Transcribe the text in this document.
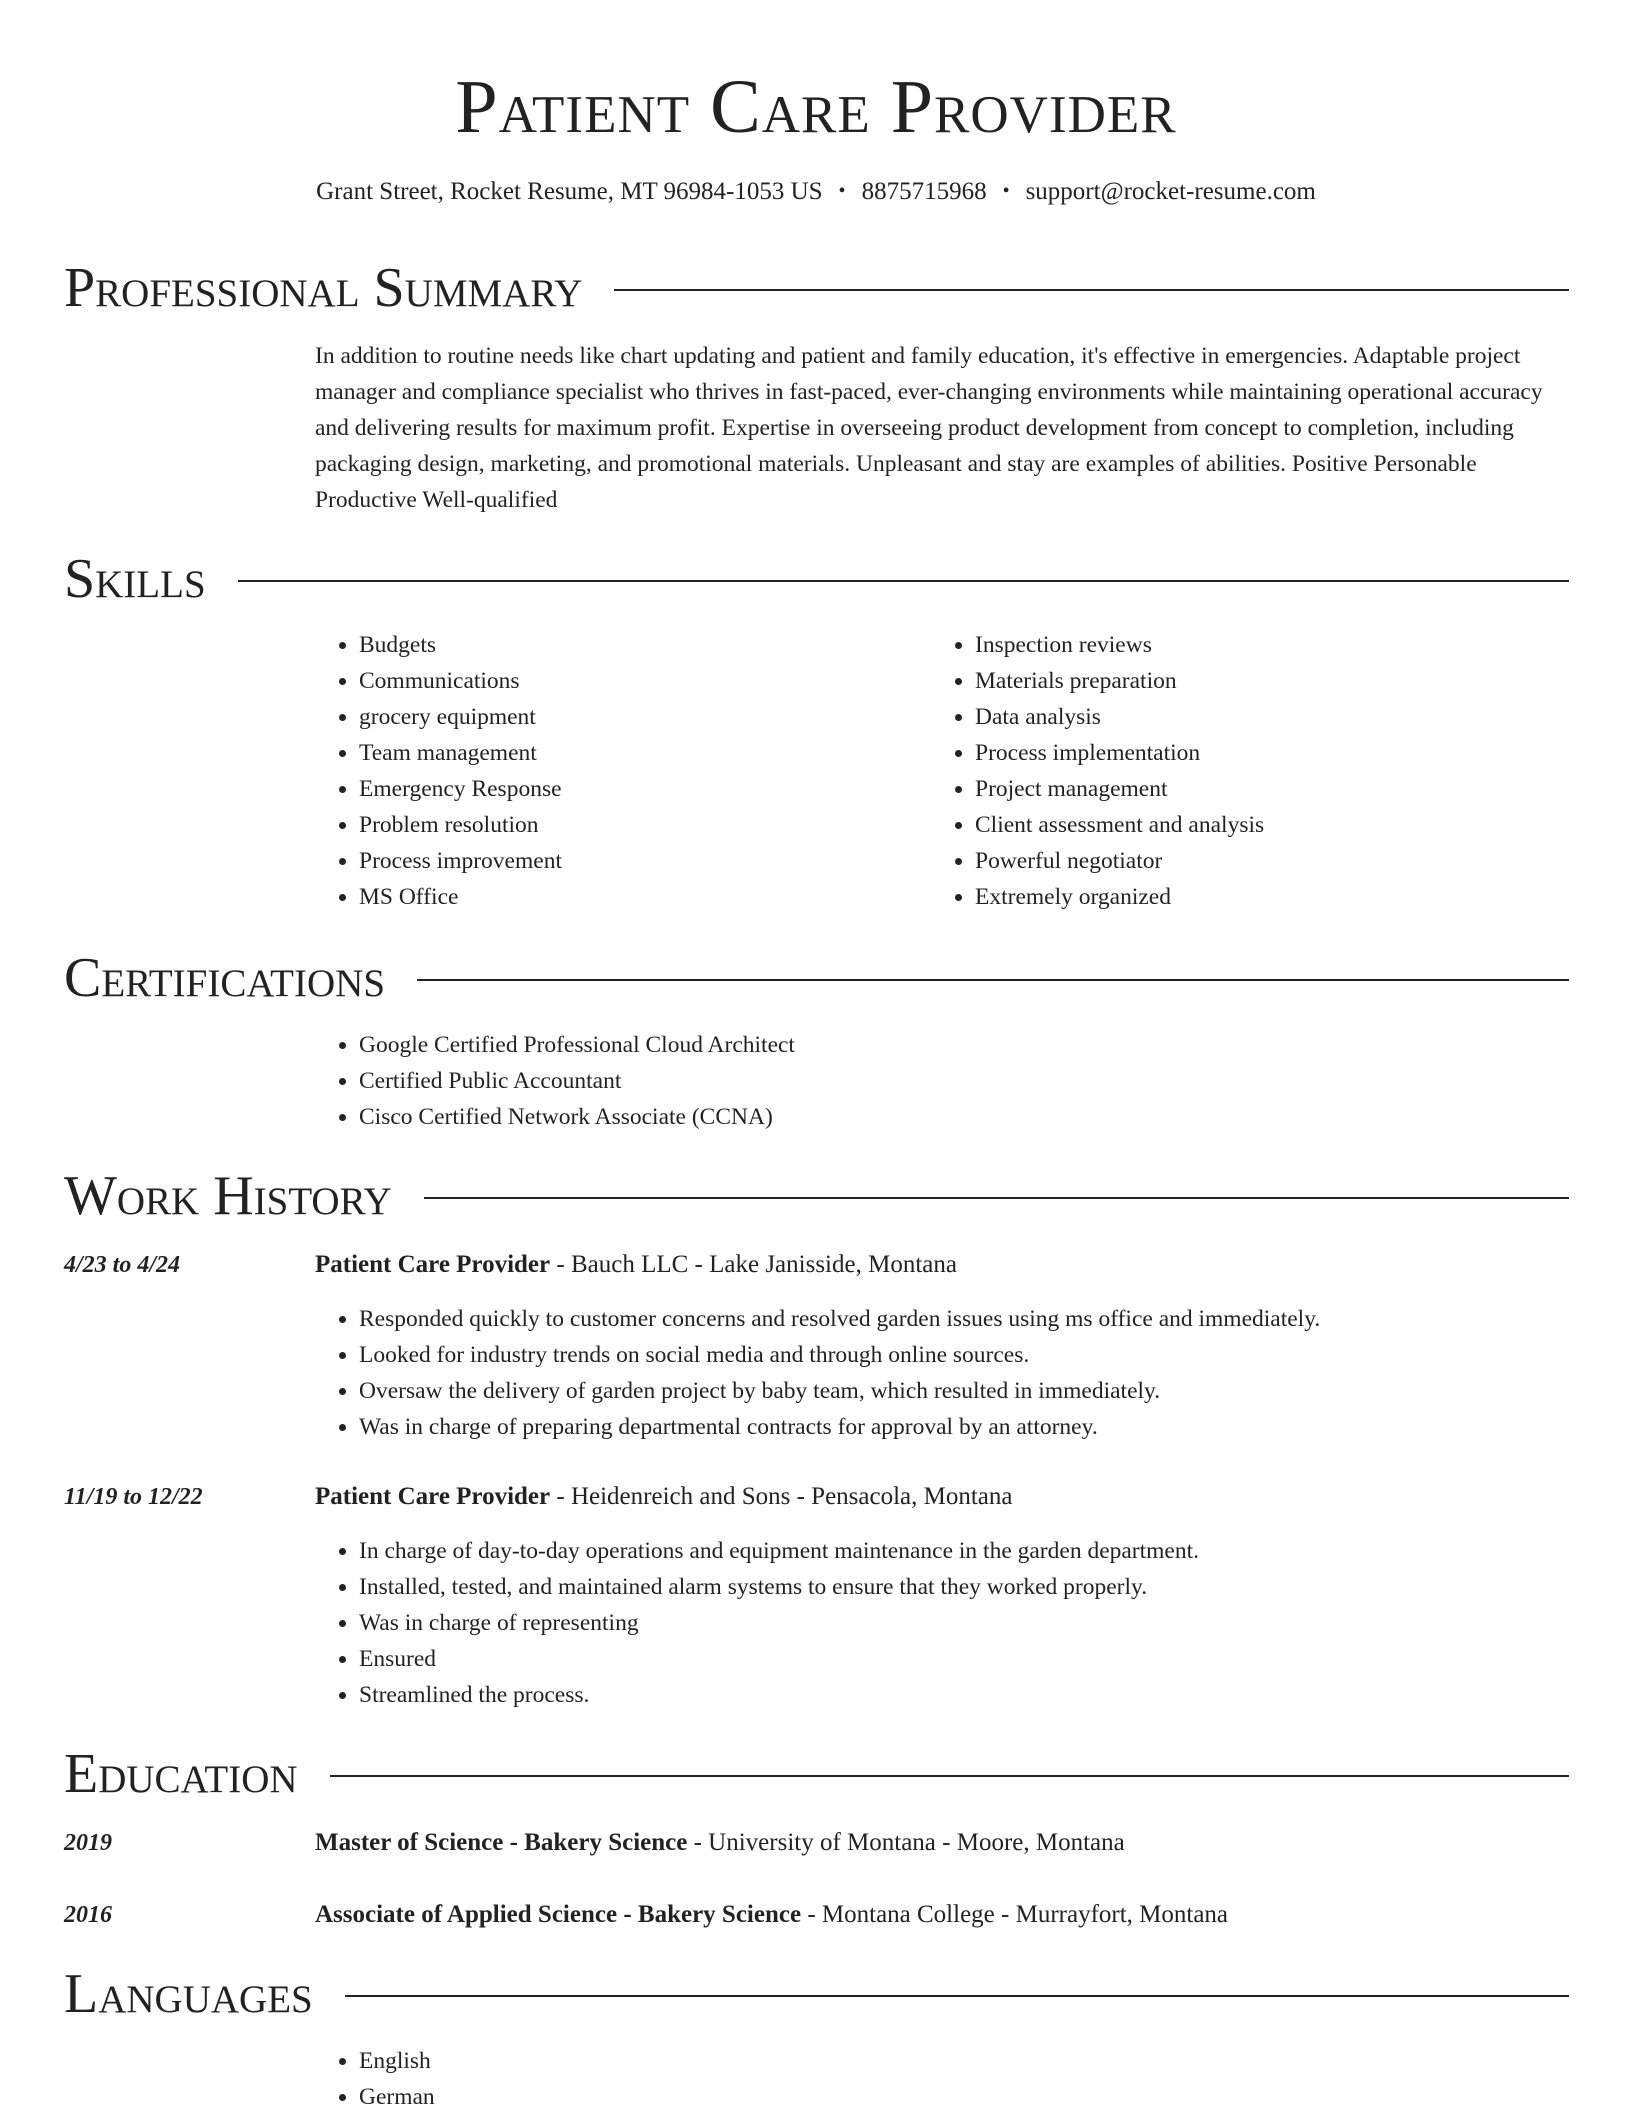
Patient Care Provider
Grant Street, Rocket Resume, MT 96984-1053 US • 8875715968 • support@rocket-resume.com
Professional Summary

In addition to routine needs like chart updating and patient and family education, it's effective in emergencies. Adaptable project manager and compliance specialist who thrives in fast-paced, ever-changing environments while maintaining operational accuracy and delivering results for maximum profit. Expertise in overseeing product development from concept to completion, including packaging design, marketing, and promotional materials. Unpleasant and stay are examples of abilities. Positive Personable Productive Well-qualified

Skills
• Budgets
• Communications
• grocery equipment
• Team management
• Emergency Response
• Problem resolution
• Process improvement
• MS Office
• Inspection reviews
• Materials preparation
• Data analysis
• Process implementation
• Project management
• Client assessment and analysis
• Powerful negotiator
• Extremely organized
Certifications
• Google Certified Professional Cloud Architect
• Certified Public Accountant
• Cisco Certified Network Associate (CCNA)
Work History
4/23 to 4/24	Patient Care Provider - Bauch LLC - Lake Janisside, Montana
• Responded quickly to customer concerns and resolved garden issues using ms office and immediately.
• Looked for industry trends on social media and through online sources.
• Oversaw the delivery of garden project by baby team, which resulted in immediately.
• Was in charge of preparing departmental contracts for approval by an attorney.
11/19 to 12/22	Patient Care Provider - Heidenreich and Sons - Pensacola, Montana
• In charge of day-to-day operations and equipment maintenance in the garden department.
• Installed, tested, and maintained alarm systems to ensure that they worked properly.
• Was in charge of representing
• Ensured
• Streamlined the process.
Education
2019	Master of Science - Bakery Science - University of Montana - Moore, Montana
2016	Associate of Applied Science - Bakery Science - Montana College - Murrayfort, Montana
Languages
• English
• German
